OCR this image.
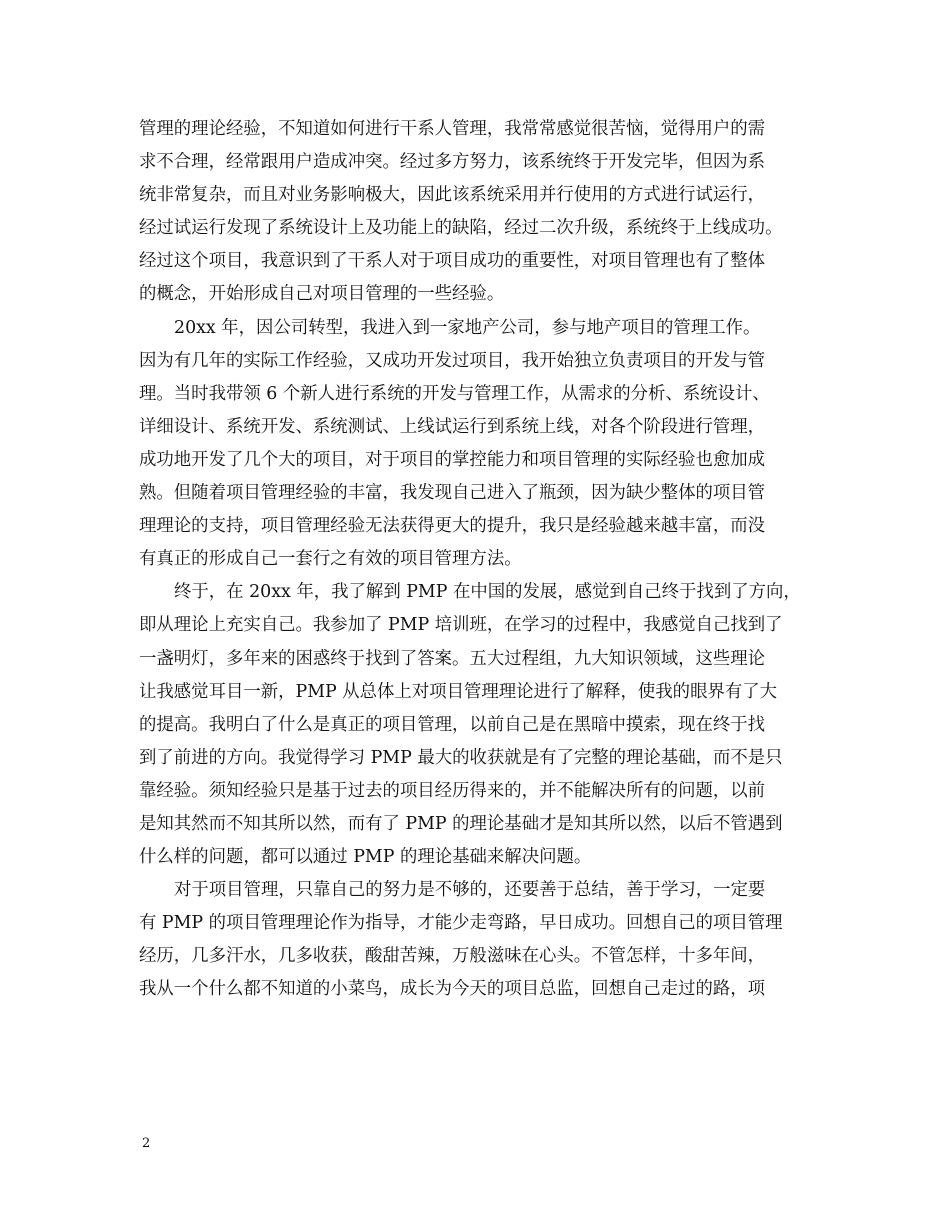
管理的理论经验，不知道如何进行干系人管理，我常常感觉很苦恼，觉得用户的需
求不合理，经常跟用户造成冲突。经过多方努力，该系统终于开发完毕，但因为系
统非常复杂，而且对业务影响极大，因此该系统采用并行使用的方式进行试运行，
经过试运行发现了系统设计上及功能上的缺陷，经过二次升级，系统终于上线成功。
经过这个项目，我意识到了干系人对于项目成功的重要性，对项目管理也有了整体
的概念，开始形成自己对项目管理的一些经验。
20xx 年，因公司转型，我进入到一家地产公司，参与地产项目的管理工作。
因为有几年的实际工作经验，又成功开发过项目，我开始独立负责项目的开发与管
理。当时我带领 6 个新人进行系统的开发与管理工作，从需求的分析、系统设计、
详细设计、系统开发、系统测试、上线试运行到系统上线，对各个阶段进行管理，
成功地开发了几个大的项目，对于项目的掌控能力和项目管理的实际经验也愈加成
熟。但随着项目管理经验的丰富，我发现自己进入了瓶颈，因为缺少整体的项目管
理理论的支持，项目管理经验无法获得更大的提升，我只是经验越来越丰富，而没
有真正的形成自己一套行之有效的项目管理方法。
终于，在 20xx 年，我了解到 PMP 在中国的发展，感觉到自己终于找到了方向，
即从理论上充实自己。我参加了 PMP 培训班，在学习的过程中，我感觉自己找到了
一盏明灯，多年来的困惑终于找到了答案。五大过程组，九大知识领域，这些理论
让我感觉耳目一新，PMP 从总体上对项目管理理论进行了解释，使我的眼界有了大
的提高。我明白了什么是真正的项目管理，以前自己是在黑暗中摸索，现在终于找
到了前进的方向。我觉得学习 PMP 最大的收获就是有了完整的理论基础，而不是只
靠经验。须知经验只是基于过去的项目经历得来的，并不能解决所有的问题，以前
是知其然而不知其所以然，而有了 PMP 的理论基础才是知其所以然，以后不管遇到
什么样的问题，都可以通过 PMP 的理论基础来解决问题。
对于项目管理，只靠自己的努力是不够的，还要善于总结，善于学习，一定要
有 PMP 的项目管理理论作为指导，才能少走弯路，早日成功。回想自己的项目管理
经历，几多汗水，几多收获，酸甜苦辣，万般滋味在心头。不管怎样，十多年间，
我从一个什么都不知道的小菜鸟，成长为今天的项目总监，回想自己走过的路，项
2
